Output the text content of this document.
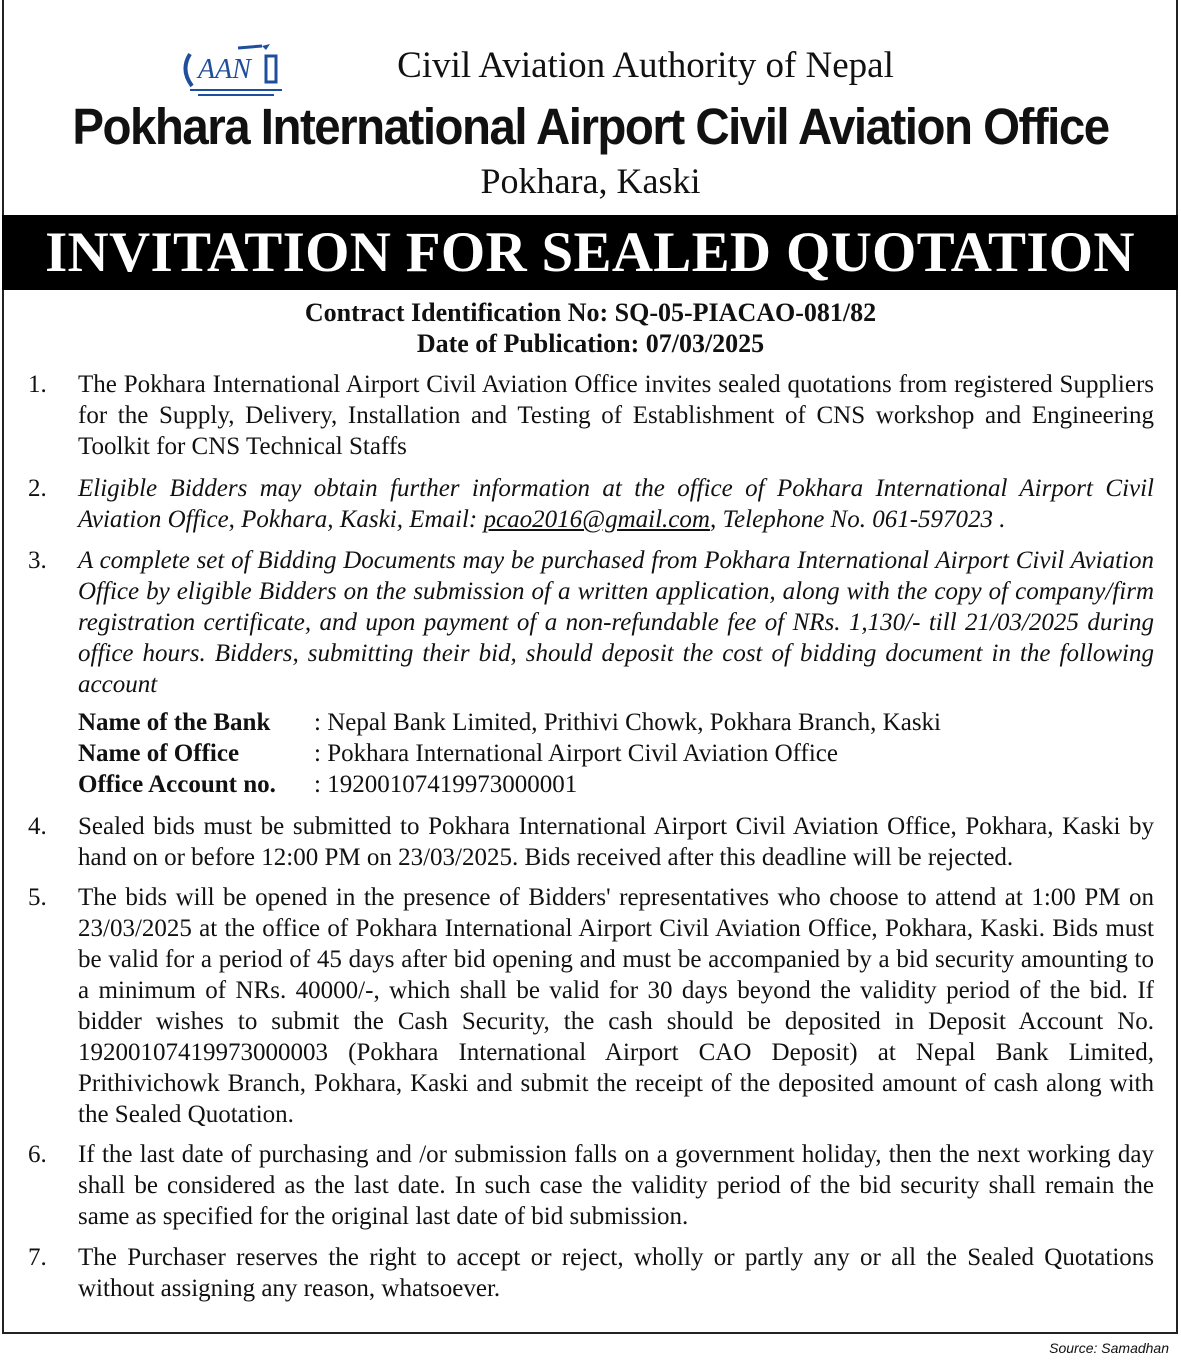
AAN	Civil Aviation Authority of Nepal
Pokhara International Airport Civil Aviation Office
Pokhara, Kaski
INVITATION FOR SEALED QUOTATION
Contract Identification No: SQ-05-PIACAO-081/82
Date of Publication: 07/03/2025
1. The Pokhara International Airport Civil Aviation Office invites sealed quotations from registered Suppliers for the Supply, Delivery, Installation and Testing of Establishment of CNS workshop and Engineering Toolkit for CNS Technical Staffs
2. Eligible Bidders may obtain further information at the office of Pokhara International Airport Civil Aviation Office, Pokhara, Kaski, Email: pcao2016@gmail.com, Telephone No. 061-597023 .
3. A complete set of Bidding Documents may be purchased from Pokhara International Airport Civil Aviation Office by eligible Bidders on the submission of a written application, along with the copy of company/firm registration certificate, and upon payment of a non-refundable fee of NRs. 1,130/- till 21/03/2025 during office hours. Bidders, submitting their bid, should deposit the cost of bidding document in the following account
4. Sealed bids must be submitted to Pokhara International Airport Civil Aviation Office, Pokhara, Kaski by hand on or before 12:00 PM on 23/03/2025. Bids received after this deadline will be rejected.
5. The bids will be opened in the presence of Bidders' representatives who choose to attend at 1:00 PM on 23/03/2025 at the office of Pokhara International Airport Civil Aviation Office, Pokhara, Kaski. Bids must be valid for a period of 45 days after bid opening and must be accompanied by a bid security amounting to a minimum of NRs. 40000/-, which shall be valid for 30 days beyond the validity period of the bid. If bidder wishes to submit the Cash Security, the cash should be deposited in Deposit Account No. 19200107419973000003 (Pokhara International Airport CAO Deposit) at Nepal Bank Limited, Prithivichowk Branch, Pokhara, Kaski and submit the receipt of the deposited amount of cash along with the Sealed Quotation.
6. If the last date of purchasing and /or submission falls on a government holiday, then the next working day shall be considered as the last date. In such case the validity period of the bid security shall remain the same as specified for the original last date of bid submission.
7. The Purchaser reserves the right to accept or reject, wholly or partly any or all the Sealed Quotations without assigning any reason, whatsoever.
Name of the Bank	: Nepal Bank Limited, Prithivi Chowk, Pokhara Branch, Kaski
Name of Office	: Pokhara International Airport Civil Aviation Office
Office Account no.	: 19200107419973000001
Source: Samadhan
